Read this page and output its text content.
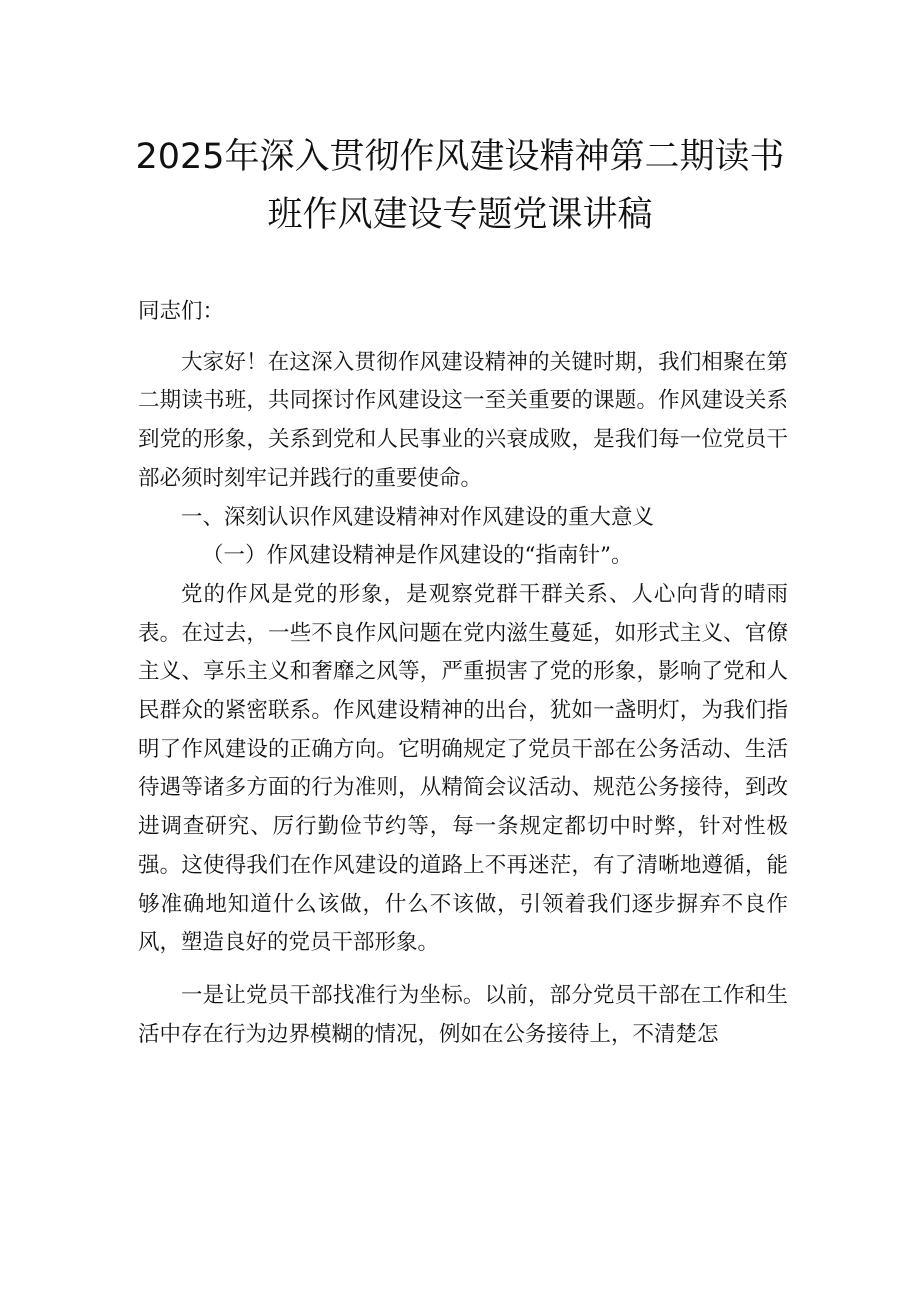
2025年深入贯彻作风建设精神第二期读书
班作风建设专题党课讲稿

同志们：

大家好！在这深入贯彻作风建设精神的关键时期，我们相聚在第二期读书班，共同探讨作风建设这一至关重要的课题。作风建设关系到党的形象，关系到党和人民事业的兴衰成败，是我们每一位党员干部必须时刻牢记并践行的重要使命。

一、深刻认识作风建设精神对作风建设的重大意义

（一）作风建设精神是作风建设的“指南针”。

党的作风是党的形象，是观察党群干群关系、人心向背的晴雨表。在过去，一些不良作风问题在党内滋生蔓延，如形式主义、官僚主义、享乐主义和奢靡之风等，严重损害了党的形象，影响了党和人民群众的紧密联系。作风建设精神的出台，犹如一盏明灯，为我们指明了作风建设的正确方向。它明确规定了党员干部在公务活动、生活待遇等诸多方面的行为准则，从精简会议活动、规范公务接待，到改进调查研究、厉行勤俭节约等，每一条规定都切中时弊，针对性极强。这使得我们在作风建设的道路上不再迷茫，有了清晰地遵循，能够准确地知道什么该做，什么不该做，引领着我们逐步摒弃不良作风，塑造良好的党员干部形象。

一是让党员干部找准行为坐标。以前，部分党员干部在工作和生活中存在行为边界模糊的情况，例如在公务接待上，不清楚怎
